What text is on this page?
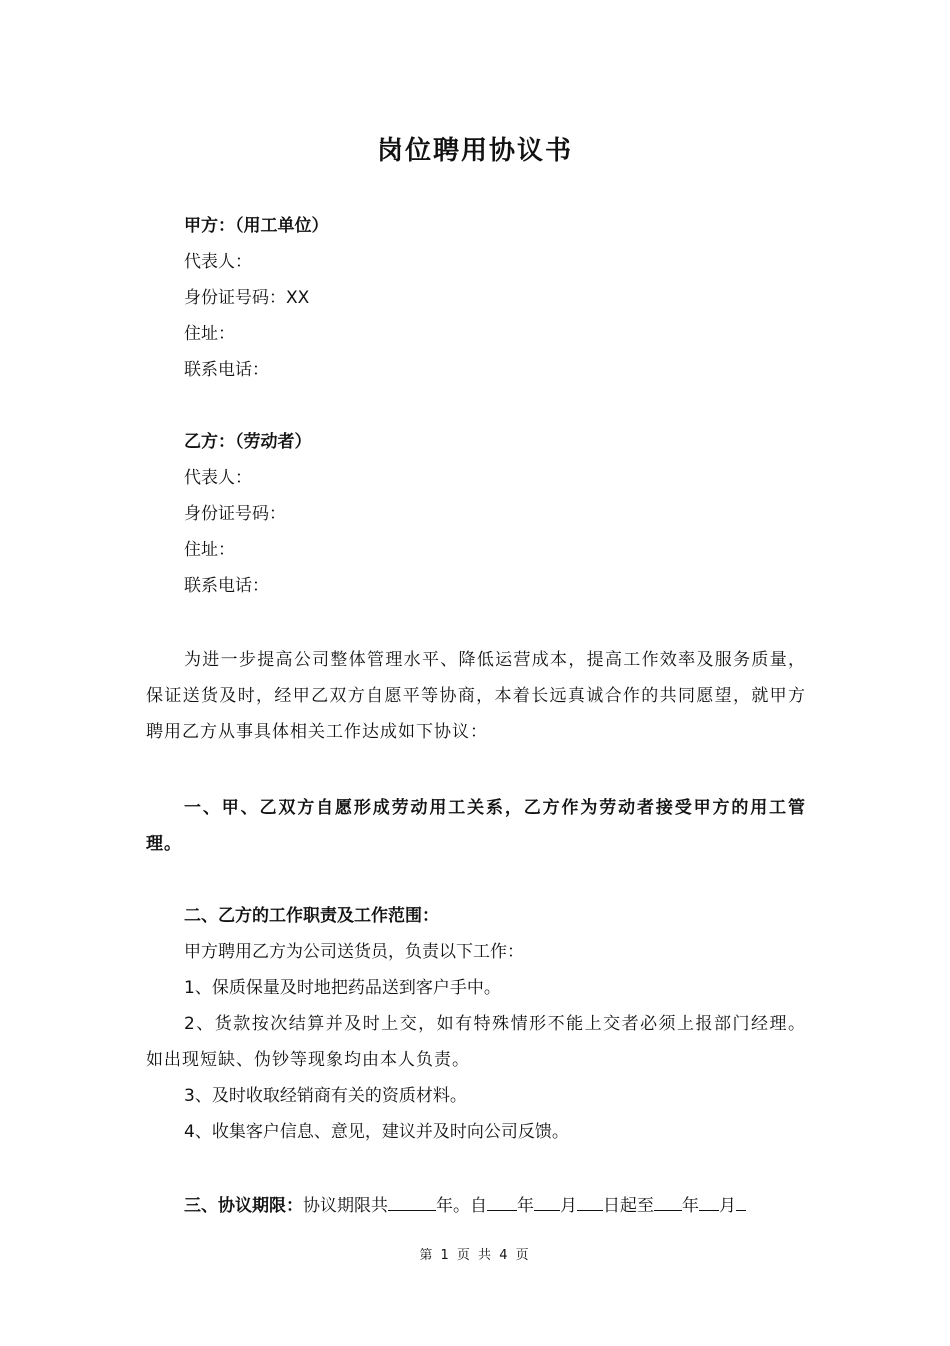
岗位聘用协议书
甲方：（用工单位）
代表人：
身份证号码：XX
住址：
联系电话：
乙方：（劳动者）
代表人：
身份证号码：
住址：
联系电话：
为进一步提高公司整体管理水平、降低运营成本，提高工作效率及服务质量，保证送货及时，经甲乙双方自愿平等协商，本着长远真诚合作的共同愿望，就甲方聘用乙方从事具体相关工作达成如下协议：
一、甲、乙双方自愿形成劳动用工关系，乙方作为劳动者接受甲方的用工管理。
二、乙方的工作职责及工作范围：
甲方聘用乙方为公司送货员，负责以下工作：
1、保质保量及时地把药品送到客户手中。
2、货款按次结算并及时上交，如有特殊情形不能上交者必须上报部门经理。如出现短缺、伪钞等现象均由本人负责。
3、及时收取经销商有关的资质材料。
4、收集客户信息、意见，建议并及时向公司反馈。
三、协议期限：协议期限共	年。自 年 月 日起至 年 月
第 1 页 共 4 页
